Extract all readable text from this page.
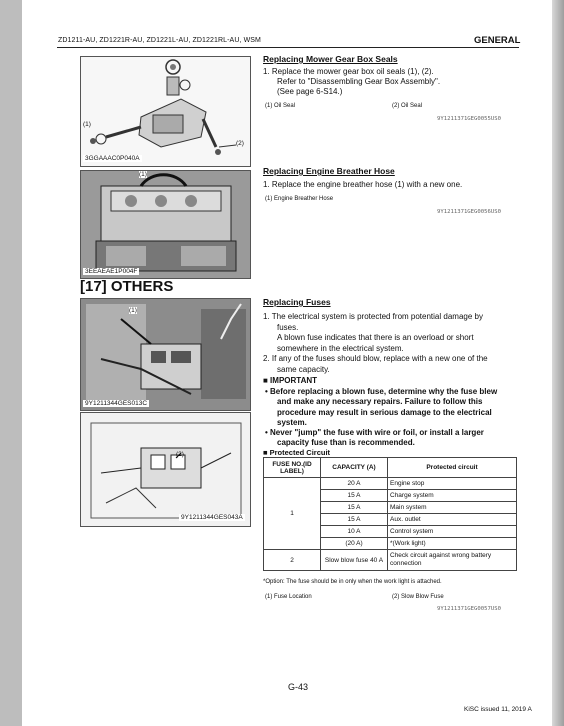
ZD1211-AU, ZD1221R-AU, ZD1221L-AU, ZD1221RL-AU, WSM	GENERAL
(1)
(2)
3GGAAAC0P040A
(1)
3EEAEAE1P004F
[17] OTHERS
(1)
9Y1211344GES013C
(2)
9Y1211344GES043A
Replacing Mower Gear Box Seals
1. Replace the mower gear box oil seals (1), (2).
Refer to "Disassembling Gear Box Assembly".
(See page 6-S14.)
(1) Oil Seal	(2) Oil Seal
9Y1211371GEG0055US0
Replacing Engine Breather Hose
1. Replace the engine breather hose (1) with a new one.
(1) Engine Breather Hose
9Y1211371GEG0056US0
Replacing Fuses
1. The electrical system is protected from potential damage by
fuses.
A blown fuse indicates that there is an overload or short
somewhere in the electrical system.
2. If any of the fuses should blow, replace with a new one of the
same capacity.
■ IMPORTANT
• Before replacing a blown fuse, determine why the fuse blew
and make any necessary repairs. Failure to follow this
procedure may result in serious damage to the electrical
system.
• Never "jump" the fuse with wire or foil, or install a larger
capacity fuse than is recommended.
■ Protected Circuit
FUSE NO.(ID LABEL)	CAPACITY (A)	Protected circuit
1	20 A	Engine stop
	15 A	Charge system
	15 A	Main system
	15 A	Aux. outlet
	10 A	Control system
	(20 A)	*(Work light)
2	Slow blow fuse 40 A	Check circuit against wrong battery connection
*Option: The fuse should be in only when the work light is attached.
(1) Fuse Location	(2) Slow Blow Fuse
9Y1211371GEG0057US0
G-43
KiSC issued 11, 2019 A
